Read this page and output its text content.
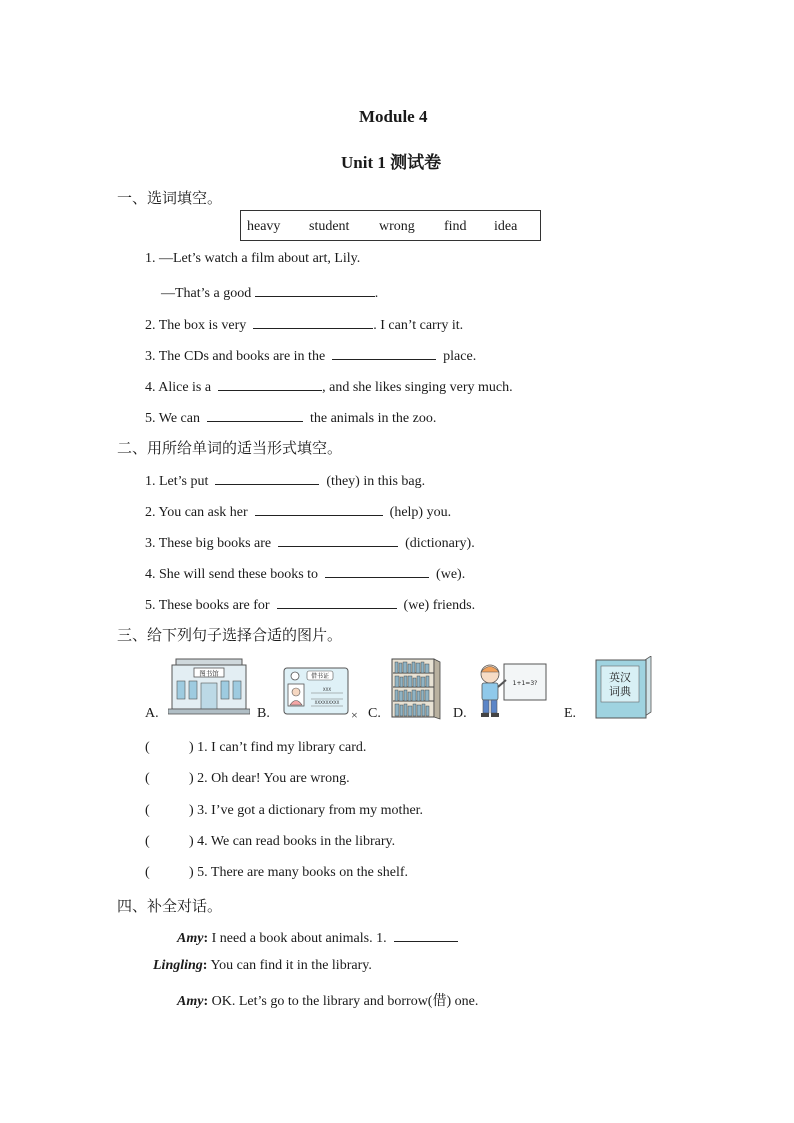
Module 4
Unit 1 测试卷
一、选词填空。
heavy student wrong find idea
1. —Let’s watch a film about art, Lily.
—That’s a good	.
2. The box is very	. I can’t carry it.
3. The CDs and books are in the	place.
4. Alice is a	, and she likes singing very much.
5. We can	the animals in the zoo.
二、用所给单词的适当形式填空。
1. Let’s put	(they) in this bag.
2. You can ask her	(help) you.
3. These big books are	(dictionary).
4. She will send these books to	(we).
5. These books are for	(we) friends.
三、给下列句子选择合适的图片。
A.
图书馆
B.
借书证
XXX
XXXXXXXXX
× C.	D.
1+1=3?
E.
英汉
词典
(	) 1. I can’t find my library card.
(	) 2. Oh dear! You are wrong.
(	) 3. I’ve got a dictionary from my mother.
(	) 4. We can read books in the library.
(	) 5. There are many books on the shelf.
四、补全对话。
Amy: I need a book about animals. 1.
Lingling: You can find it in the library.
Amy: OK. Let’s go to the library and borrow(借) one.
